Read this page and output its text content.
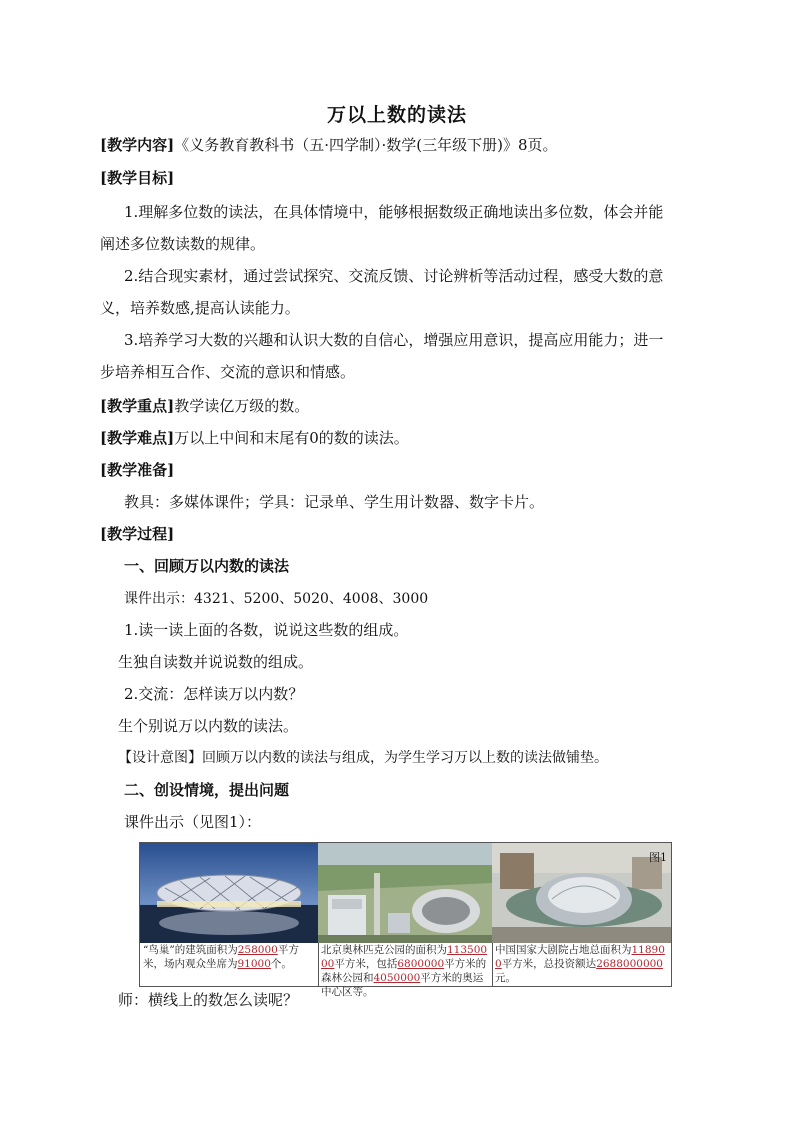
万以上数的读法
[教学内容]《义务教育教科书（五·四学制）·数学(三年级下册)》8页。
[教学目标]
1.理解多位数的读法，在具体情境中，能够根据数级正确地读出多位数，体会并能
阐述多位数读数的规律。
2.结合现实素材，通过尝试探究、交流反馈、讨论辨析等活动过程，感受大数的意
义，培养数感,提高认读能力。
3.培养学习大数的兴趣和认识大数的自信心，增强应用意识，提高应用能力；进一
步培养相互合作、交流的意识和情感。
[教学重点]教学读亿万级的数。
[教学难点]万以上中间和末尾有0的数的读法。
[教学准备]
教具：多媒体课件；学具：记录单、学生用计数器、数字卡片。
[教学过程]
一、回顾万以内数的读法
课件出示：4321、5200、5020、4008、3000
1.读一读上面的各数，说说这些数的组成。
生独自读数并说说数的组成。
2.交流：怎样读万以内数？
生个别说万以内数的读法。
【设计意图】回顾万以内数的读法与组成，为学生学习万以上数的读法做铺垫。
二、创设情境，提出问题
课件出示（见图1）：
“鸟巢”的建筑面积为258000平方米，场内观众坐席为91000个。
北京奥林匹克公园的面积为11350000平方米，包括6800000平方米的森林公园和4050000平方米的奥运中心区等。
图1
中国国家大剧院占地总面积为118900平方米，总投资额达2688000000元。
师：横线上的数怎么读呢？
